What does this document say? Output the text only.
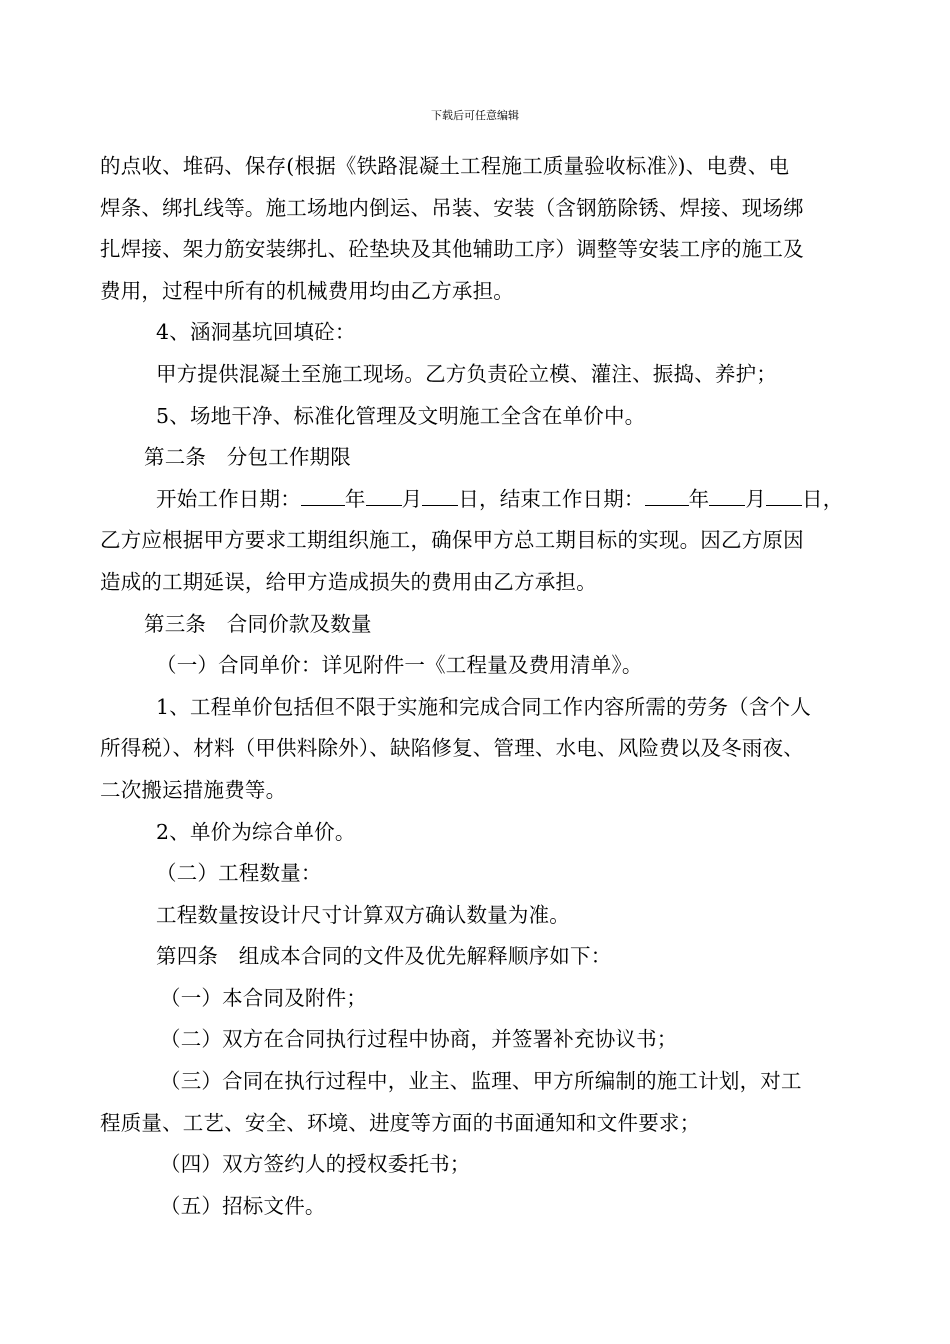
下载后可任意编辑
的点收、堆码、保存(根据《铁路混凝土工程施工质量验收标准》)、电费、电
焊条、绑扎线等。施工场地内倒运、吊装、安装（含钢筋除锈、焊接、现场绑
扎焊接、架力筋安装绑扎、砼垫块及其他辅助工序）调整等安装工序的施工及
费用，过程中所有的机械费用均由乙方承担。
4、涵洞基坑回填砼：
甲方提供混凝土至施工现场。乙方负责砼立模、灌注、振捣、养护；
5、场地干净、标准化管理及文明施工全含在单价中。
第二条　分包工作期限
开始工作日期： 年 月 日，结束工作日期： 年 月 日，
乙方应根据甲方要求工期组织施工，确保甲方总工期目标的实现。因乙方原因
造成的工期延误，给甲方造成损失的费用由乙方承担。
第三条　合同价款及数量
（一）合同单价：详见附件一《工程量及费用清单》。
1、工程单价包括但不限于实施和完成合同工作内容所需的劳务（含个人
所得税）、材料（甲供料除外）、缺陷修复、管理、水电、风险费以及冬雨夜、
二次搬运措施费等。
2、单价为综合单价。
（二）工程数量：
工程数量按设计尺寸计算双方确认数量为准。
第四条　组成本合同的文件及优先解释顺序如下：
（一）本合同及附件；
（二）双方在合同执行过程中协商，并签署补充协议书；
（三）合同在执行过程中，业主、监理、甲方所编制的施工计划，对工
程质量、工艺、安全、环境、进度等方面的书面通知和文件要求；
（四）双方签约人的授权委托书；
（五）招标文件。
